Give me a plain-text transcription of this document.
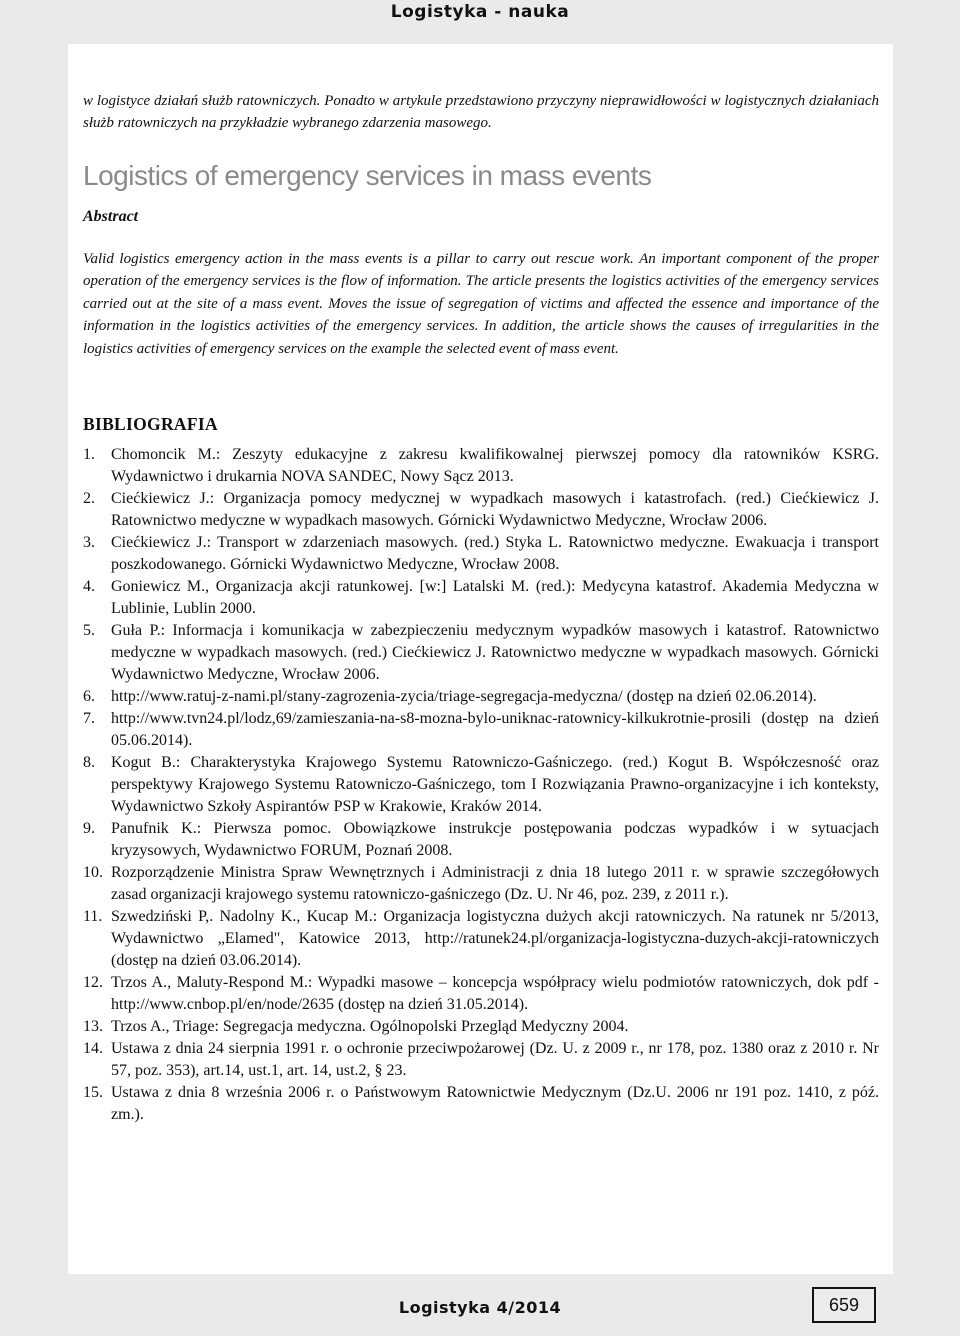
Logistyka - nauka

w logistyce działań służb ratowniczych. Ponadto w artykule przedstawiono przyczyny nieprawidłowości w logistycznych działaniach służb ratowniczych na przykładzie wybranego zdarzenia masowego.

Logistics of emergency services in mass events
Abstract

Valid logistics emergency action in the mass events is a pillar to carry out rescue work. An important component of the proper operation of the emergency services is the flow of information. The article presents the logistics activities of the emergency services carried out at the site of a mass event. Moves the issue of segregation of victims and affected the essence and importance of the information in the logistics activities of the emergency services. In addition, the article shows the causes of irregularities in the logistics activities of emergency services on the example the selected event of mass event.

BIBLIOGRAFIA
1. Chomoncik M.: Zeszyty edukacyjne z zakresu kwalifikowalnej pierwszej pomocy dla ratowników KSRG. Wydawnictwo i drukarnia NOVA SANDEC, Nowy Sącz 2013.
2. Ciećkiewicz J.: Organizacja pomocy medycznej w wypadkach masowych i katastrofach. (red.) Ciećkiewicz J. Ratownictwo medyczne w wypadkach masowych. Górnicki Wydawnictwo Medyczne, Wrocław 2006.
3. Ciećkiewicz J.: Transport w zdarzeniach masowych. (red.) Styka L. Ratownictwo medyczne. Ewakuacja i transport poszkodowanego. Górnicki Wydawnictwo Medyczne, Wrocław 2008.
4. Goniewicz M., Organizacja akcji ratunkowej. [w:] Latalski M. (red.): Medycyna katastrof. Akademia Medyczna w Lublinie, Lublin 2000.
5. Guła P.: Informacja i komunikacja w zabezpieczeniu medycznym wypadków masowych i katastrof. Ratownictwo medyczne w wypadkach masowych. (red.) Ciećkiewicz J. Ratownictwo medyczne w wypadkach masowych. Górnicki Wydawnictwo Medyczne, Wrocław 2006.
6. http://www.ratuj-z-nami.pl/stany-zagrozenia-zycia/triage-segregacja-medyczna/ (dostęp na dzień 02.06.2014).
7. http://www.tvn24.pl/lodz,69/zamieszania-na-s8-mozna-bylo-uniknac-ratownicy-kilkukrotnie-prosili (dostęp na dzień 05.06.2014).
8. Kogut B.: Charakterystyka Krajowego Systemu Ratowniczo-Gaśniczego. (red.) Kogut B. Współczesność oraz perspektywy Krajowego Systemu Ratowniczo-Gaśniczego, tom I Rozwiązania Prawno-organizacyjne i ich konteksty, Wydawnictwo Szkoły Aspirantów PSP w Krakowie, Kraków 2014.
9. Panufnik K.: Pierwsza pomoc. Obowiązkowe instrukcje postępowania podczas wypadków i w sytuacjach kryzysowych, Wydawnictwo FORUM, Poznań 2008.
10. Rozporządzenie Ministra Spraw Wewnętrznych i Administracji z dnia 18 lutego 2011 r. w sprawie szczegółowych zasad organizacji krajowego systemu ratowniczo-gaśniczego (Dz. U. Nr 46, poz. 239, z 2011 r.).
11. Szwedziński P,. Nadolny K., Kucap M.: Organizacja logistyczna dużych akcji ratowniczych. Na ratunek nr 5/2013, Wydawnictwo „Elamed", Katowice 2013, http://ratunek24.pl/organizacja-logistyczna-duzych-akcji-ratowniczych (dostęp na dzień 03.06.2014).
12. Trzos A., Maluty-Respond M.: Wypadki masowe – koncepcja współpracy wielu podmiotów ratowniczych, dok pdf - http://www.cnbop.pl/en/node/2635 (dostęp na dzień 31.05.2014).
13. Trzos A., Triage: Segregacja medyczna. Ogólnopolski Przegląd Medyczny 2004.
14. Ustawa z dnia 24 sierpnia 1991 r. o ochronie przeciwpożarowej (Dz. U. z 2009 r., nr 178, poz. 1380 oraz z 2010 r. Nr 57, poz. 353), art.14, ust.1, art. 14, ust.2, § 23.
15. Ustawa z dnia 8 września 2006 r. o Państwowym Ratownictwie Medycznym (Dz.U. 2006 nr 191 poz. 1410, z póź. zm.).
Logistyka 4/2014	659
